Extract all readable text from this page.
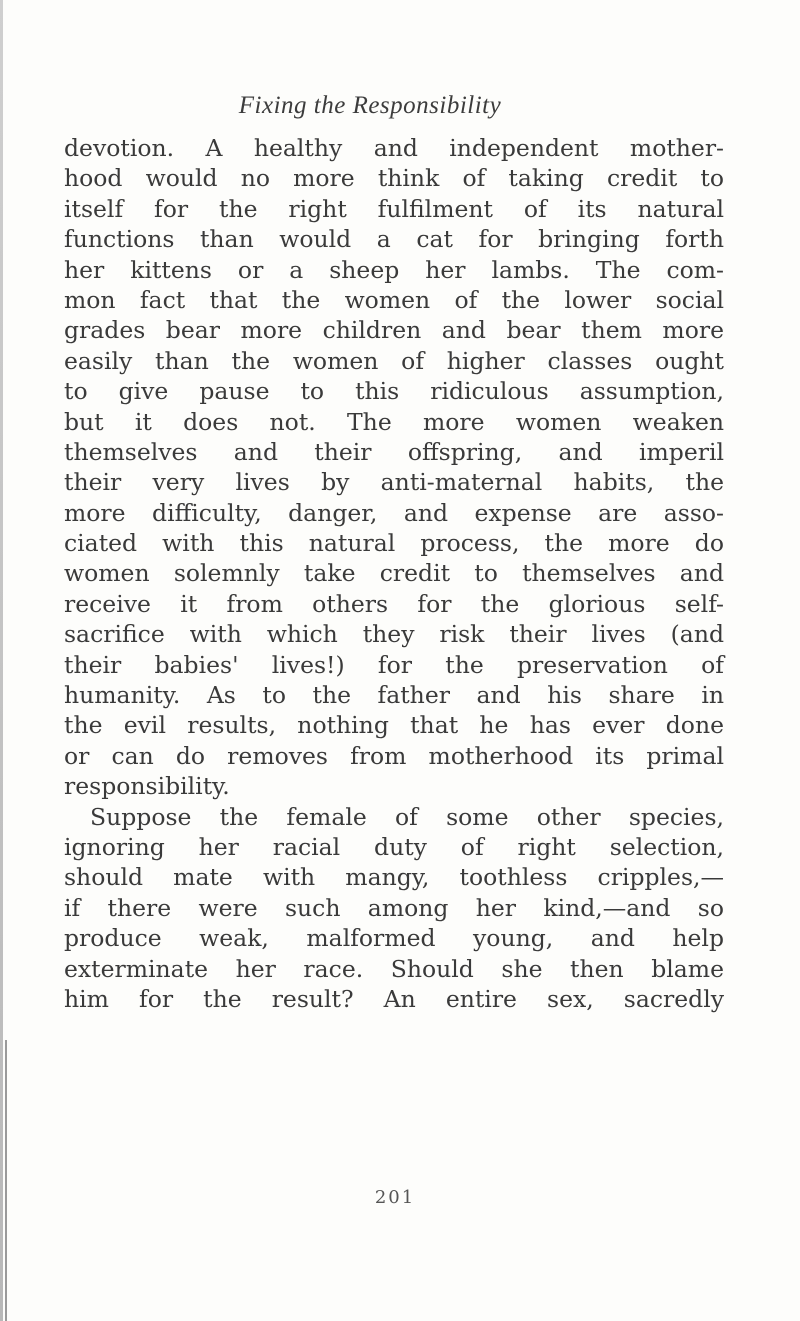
Fixing the Responsibility
devotion. A healthy and independent mother-
hood would no more think of taking credit to
itself for the right fulfilment of its natural
functions than would a cat for bringing forth
her kittens or a sheep her lambs. The com-
mon fact that the women of the lower social
grades bear more children and bear them more
easily than the women of higher classes ought
to give pause to this ridiculous assumption,
but it does not. The more women weaken
themselves and their offspring, and imperil
their very lives by anti-maternal habits, the
more difficulty, danger, and expense are asso-
ciated with this natural process, the more do
women solemnly take credit to themselves and
receive it from others for the glorious self-
sacrifice with which they risk their lives (and
their babies' lives!) for the preservation of
humanity. As to the father and his share in
the evil results, nothing that he has ever done
or can do removes from motherhood its primal
responsibility.
Suppose the female of some other species,
ignoring her racial duty of right selection,
should mate with mangy, toothless cripples,—
if there were such among her kind,—and so
produce weak, malformed young, and help
exterminate her race. Should she then blame
him for the result? An entire sex, sacredly
201
